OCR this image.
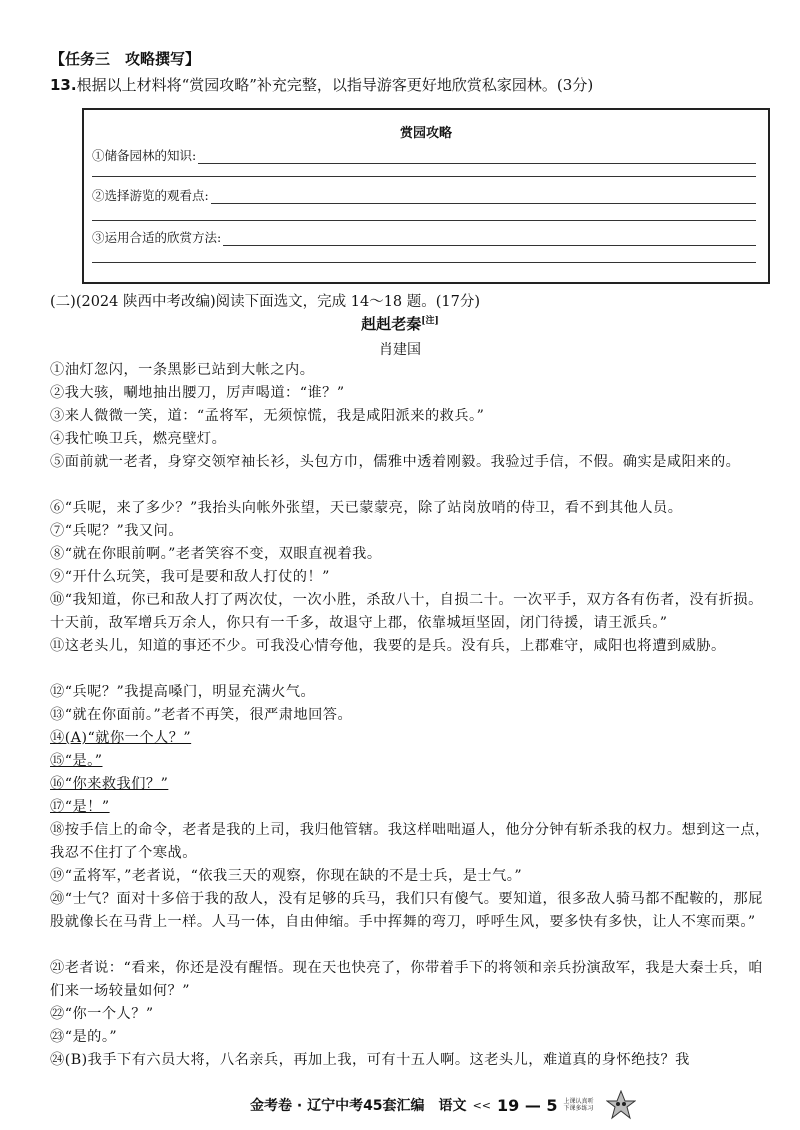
【任务三　攻略撰写】
13.根据以上材料将“赏园攻略”补充完整，以指导游客更好地欣赏私家园林。(3分)
赏园攻略
①储备园林的知识:
②选择游览的观看点:
③运用合适的欣赏方法:
(二)(2024 陕西中考改编)阅读下面选文，完成 14～18 题。(17分)
赳赳老秦[注]
肖建国
①油灯忽闪，一条黑影已站到大帐之内。
②我大骇，唰地抽出腰刀，厉声喝道：“谁？”
③来人微微一笑，道：“孟将军，无须惊慌，我是咸阳派来的救兵。”
④我忙唤卫兵，燃亮壁灯。
⑤面前就一老者，身穿交领窄袖长衫，头包方巾，儒雅中透着刚毅。我验过手信，不假。确实是咸阳来的。
⑥“兵呢，来了多少？”我抬头向帐外张望，天已蒙蒙亮，除了站岗放哨的侍卫，看不到其他人员。
⑦“兵呢？”我又问。
⑧“就在你眼前啊。”老者笑容不变，双眼直视着我。
⑨“开什么玩笑，我可是要和敌人打仗的！”
⑩“我知道，你已和敌人打了两次仗，一次小胜，杀敌八十，自损二十。一次平手，双方各有伤者，没有折损。十天前，敌军增兵万余人，你只有一千多，故退守上郡，依靠城垣坚固，闭门待援，请王派兵。”
⑪这老头儿，知道的事还不少。可我没心情夸他，我要的是兵。没有兵，上郡难守，咸阳也将遭到威胁。
⑫“兵呢？”我提高嗓门，明显充满火气。
⑬“就在你面前。”老者不再笑，很严肃地回答。
⑭(A)“就你一个人？”
⑮“是。”
⑯“你来救我们？”
⑰“是！”
⑱按手信上的命令，老者是我的上司，我归他管辖。我这样咄咄逼人，他分分钟有斩杀我的权力。想到这一点，我忍不住打了个寒战。
⑲“孟将军，”老者说，“依我三天的观察，你现在缺的不是士兵，是士气。”
⑳“士气？面对十多倍于我的敌人，没有足够的兵马，我们只有傻气。要知道，很多敌人骑马都不配鞍的，那屁股就像长在马背上一样。人马一体，自由伸缩。手中挥舞的弯刀，呼呼生风，要多快有多快，让人不寒而栗。”
㉑老者说：“看来，你还是没有醒悟。现在天也快亮了，你带着手下的将领和亲兵扮演敌军，我是大秦士兵，咱们来一场较量如何？”
㉒“你一个人？”
㉓“是的。”
㉔(B)我手下有六员大将，八名亲兵，再加上我，可有十五人啊。这老头儿，难道真的身怀绝技？我
金考卷 · 辽宁中考45套汇编　语文 << 19 — 5 上课认真听 下课多练习
